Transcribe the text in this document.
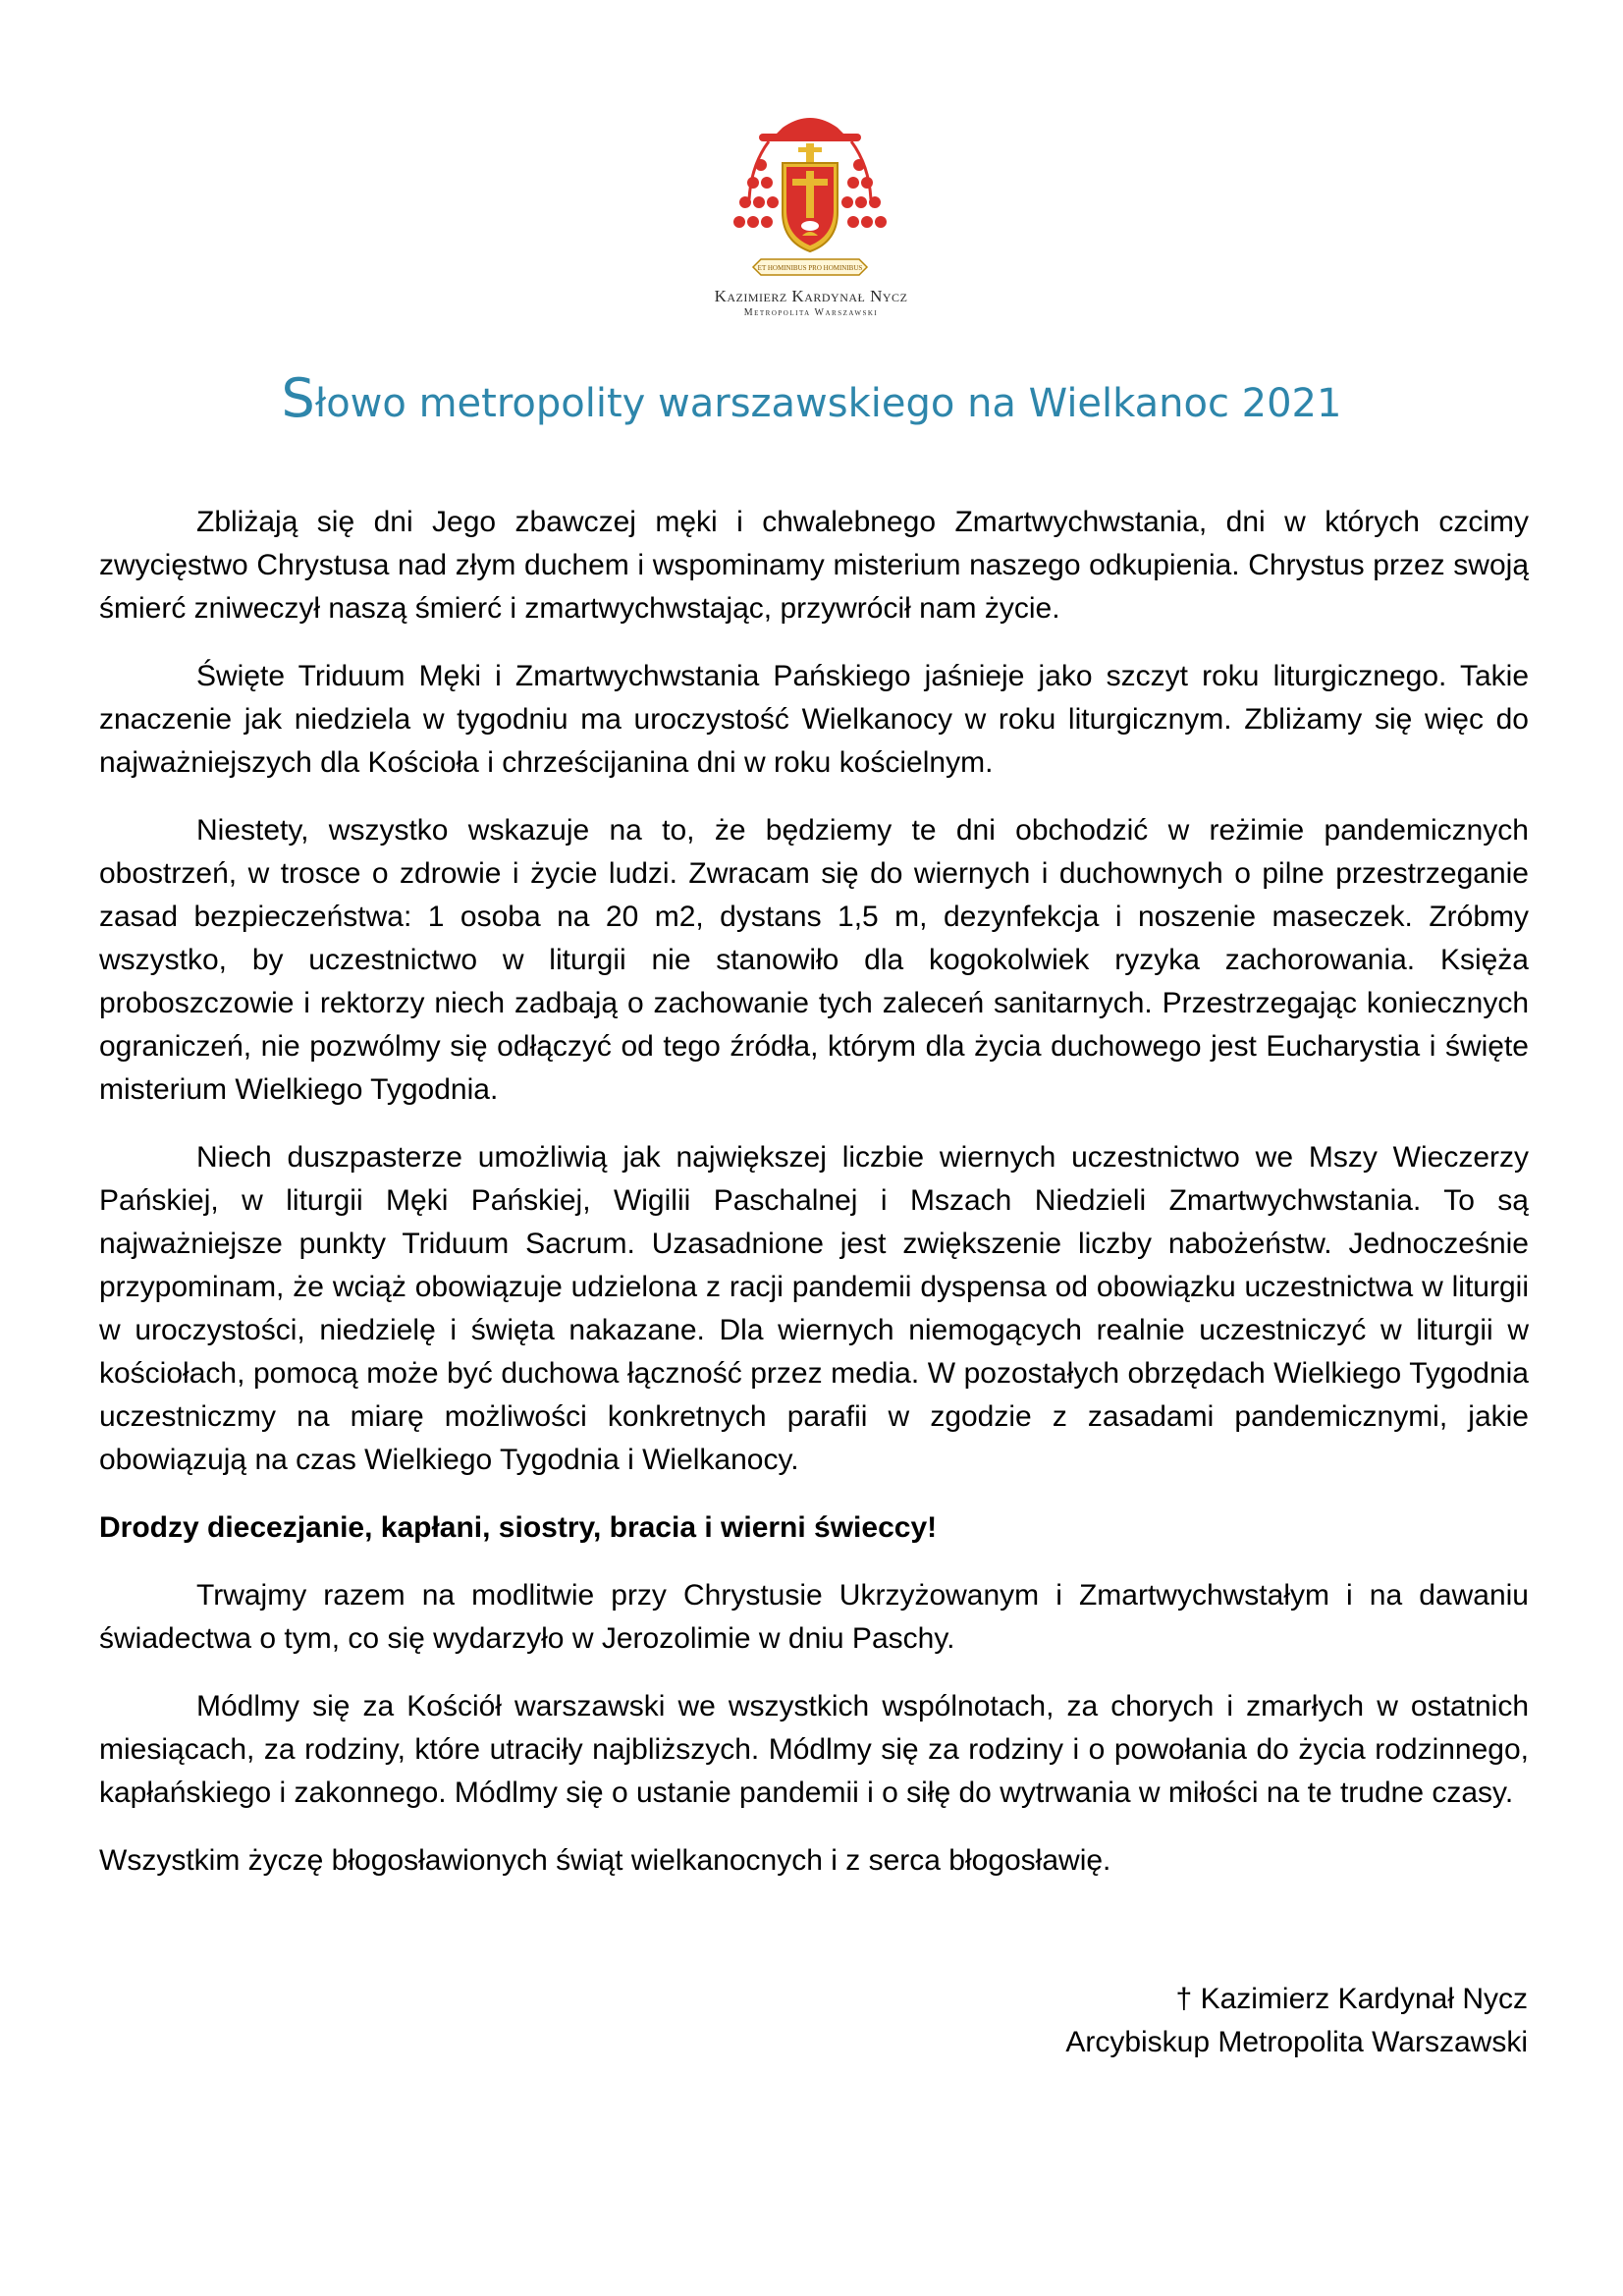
ET HOMINIBUS PRO HOMINIBUS
Kazimierz Kardynał Nycz
Metropolita Warszawski
Słowo metropolity warszawskiego na Wielkanoc 2021

Zbliżają się dni Jego zbawczej męki i chwalebnego Zmartwychwstania, dni w których czcimy zwycięstwo Chrystusa nad złym duchem i wspominamy misterium naszego odkupienia. Chrystus przez swoją śmierć zniweczył naszą śmierć i zmartwychwstając, przywrócił nam życie.

Święte Triduum Męki i Zmartwychwstania Pańskiego jaśnieje jako szczyt roku liturgicznego. Takie znaczenie jak niedziela w tygodniu ma uroczystość Wielkanocy w roku liturgicznym. Zbliżamy się więc do najważniejszych dla Kościoła i chrześcijanina dni w roku kościelnym.

Niestety, wszystko wskazuje na to, że będziemy te dni obchodzić w reżimie pandemicznych obostrzeń, w trosce o zdrowie i życie ludzi. Zwracam się do wiernych i duchownych o pilne przestrzeganie zasad bezpieczeństwa: 1 osoba na 20 m2, dystans 1,5 m, dezynfekcja i noszenie maseczek. Zróbmy wszystko, by uczestnictwo w liturgii nie stanowiło dla kogokolwiek ryzyka zachorowania. Księża proboszczowie i rektorzy niech zadbają o zachowanie tych zaleceń sanitarnych. Przestrzegając koniecznych ograniczeń, nie pozwólmy się odłączyć od tego źródła, którym dla życia duchowego jest Eucharystia i święte misterium Wielkiego Tygodnia.

Niech duszpasterze umożliwią jak największej liczbie wiernych uczestnictwo we Mszy Wieczerzy Pańskiej, w liturgii Męki Pańskiej, Wigilii Paschalnej i Mszach Niedzieli Zmartwychwstania. To są najważniejsze punkty Triduum Sacrum. Uzasadnione jest zwiększenie liczby nabożeństw. Jednocześnie przypominam, że wciąż obowiązuje udzielona z racji pandemii dyspensa od obowiązku uczestnictwa w liturgii w uroczystości, niedzielę i święta nakazane. Dla wiernych niemogących realnie uczestniczyć w liturgii w kościołach, pomocą może być duchowa łączność przez media. W pozostałych obrzędach Wielkiego Tygodnia uczestniczmy na miarę możliwości konkretnych parafii w zgodzie z zasadami pandemicznymi, jakie obowiązują na czas Wielkiego Tygodnia i Wielkanocy.

Drodzy diecezjanie, kapłani, siostry, bracia i wierni świeccy!

Trwajmy razem na modlitwie przy Chrystusie Ukrzyżowanym i Zmartwychwstałym i na dawaniu świadectwa o tym, co się wydarzyło w Jerozolimie w dniu Paschy.

Módlmy się za Kościół warszawski we wszystkich wspólnotach, za chorych i zmarłych w ostatnich miesiącach, za rodziny, które utraciły najbliższych. Módlmy się za rodziny i o powołania do życia rodzinnego, kapłańskiego i zakonnego. Módlmy się o ustanie pandemii i o siłę do wytrwania w miłości na te trudne czasy.

Wszystkim życzę błogosławionych świąt wielkanocnych i z serca błogosławię.

† Kazimierz Kardynał Nycz
Arcybiskup Metropolita Warszawski
